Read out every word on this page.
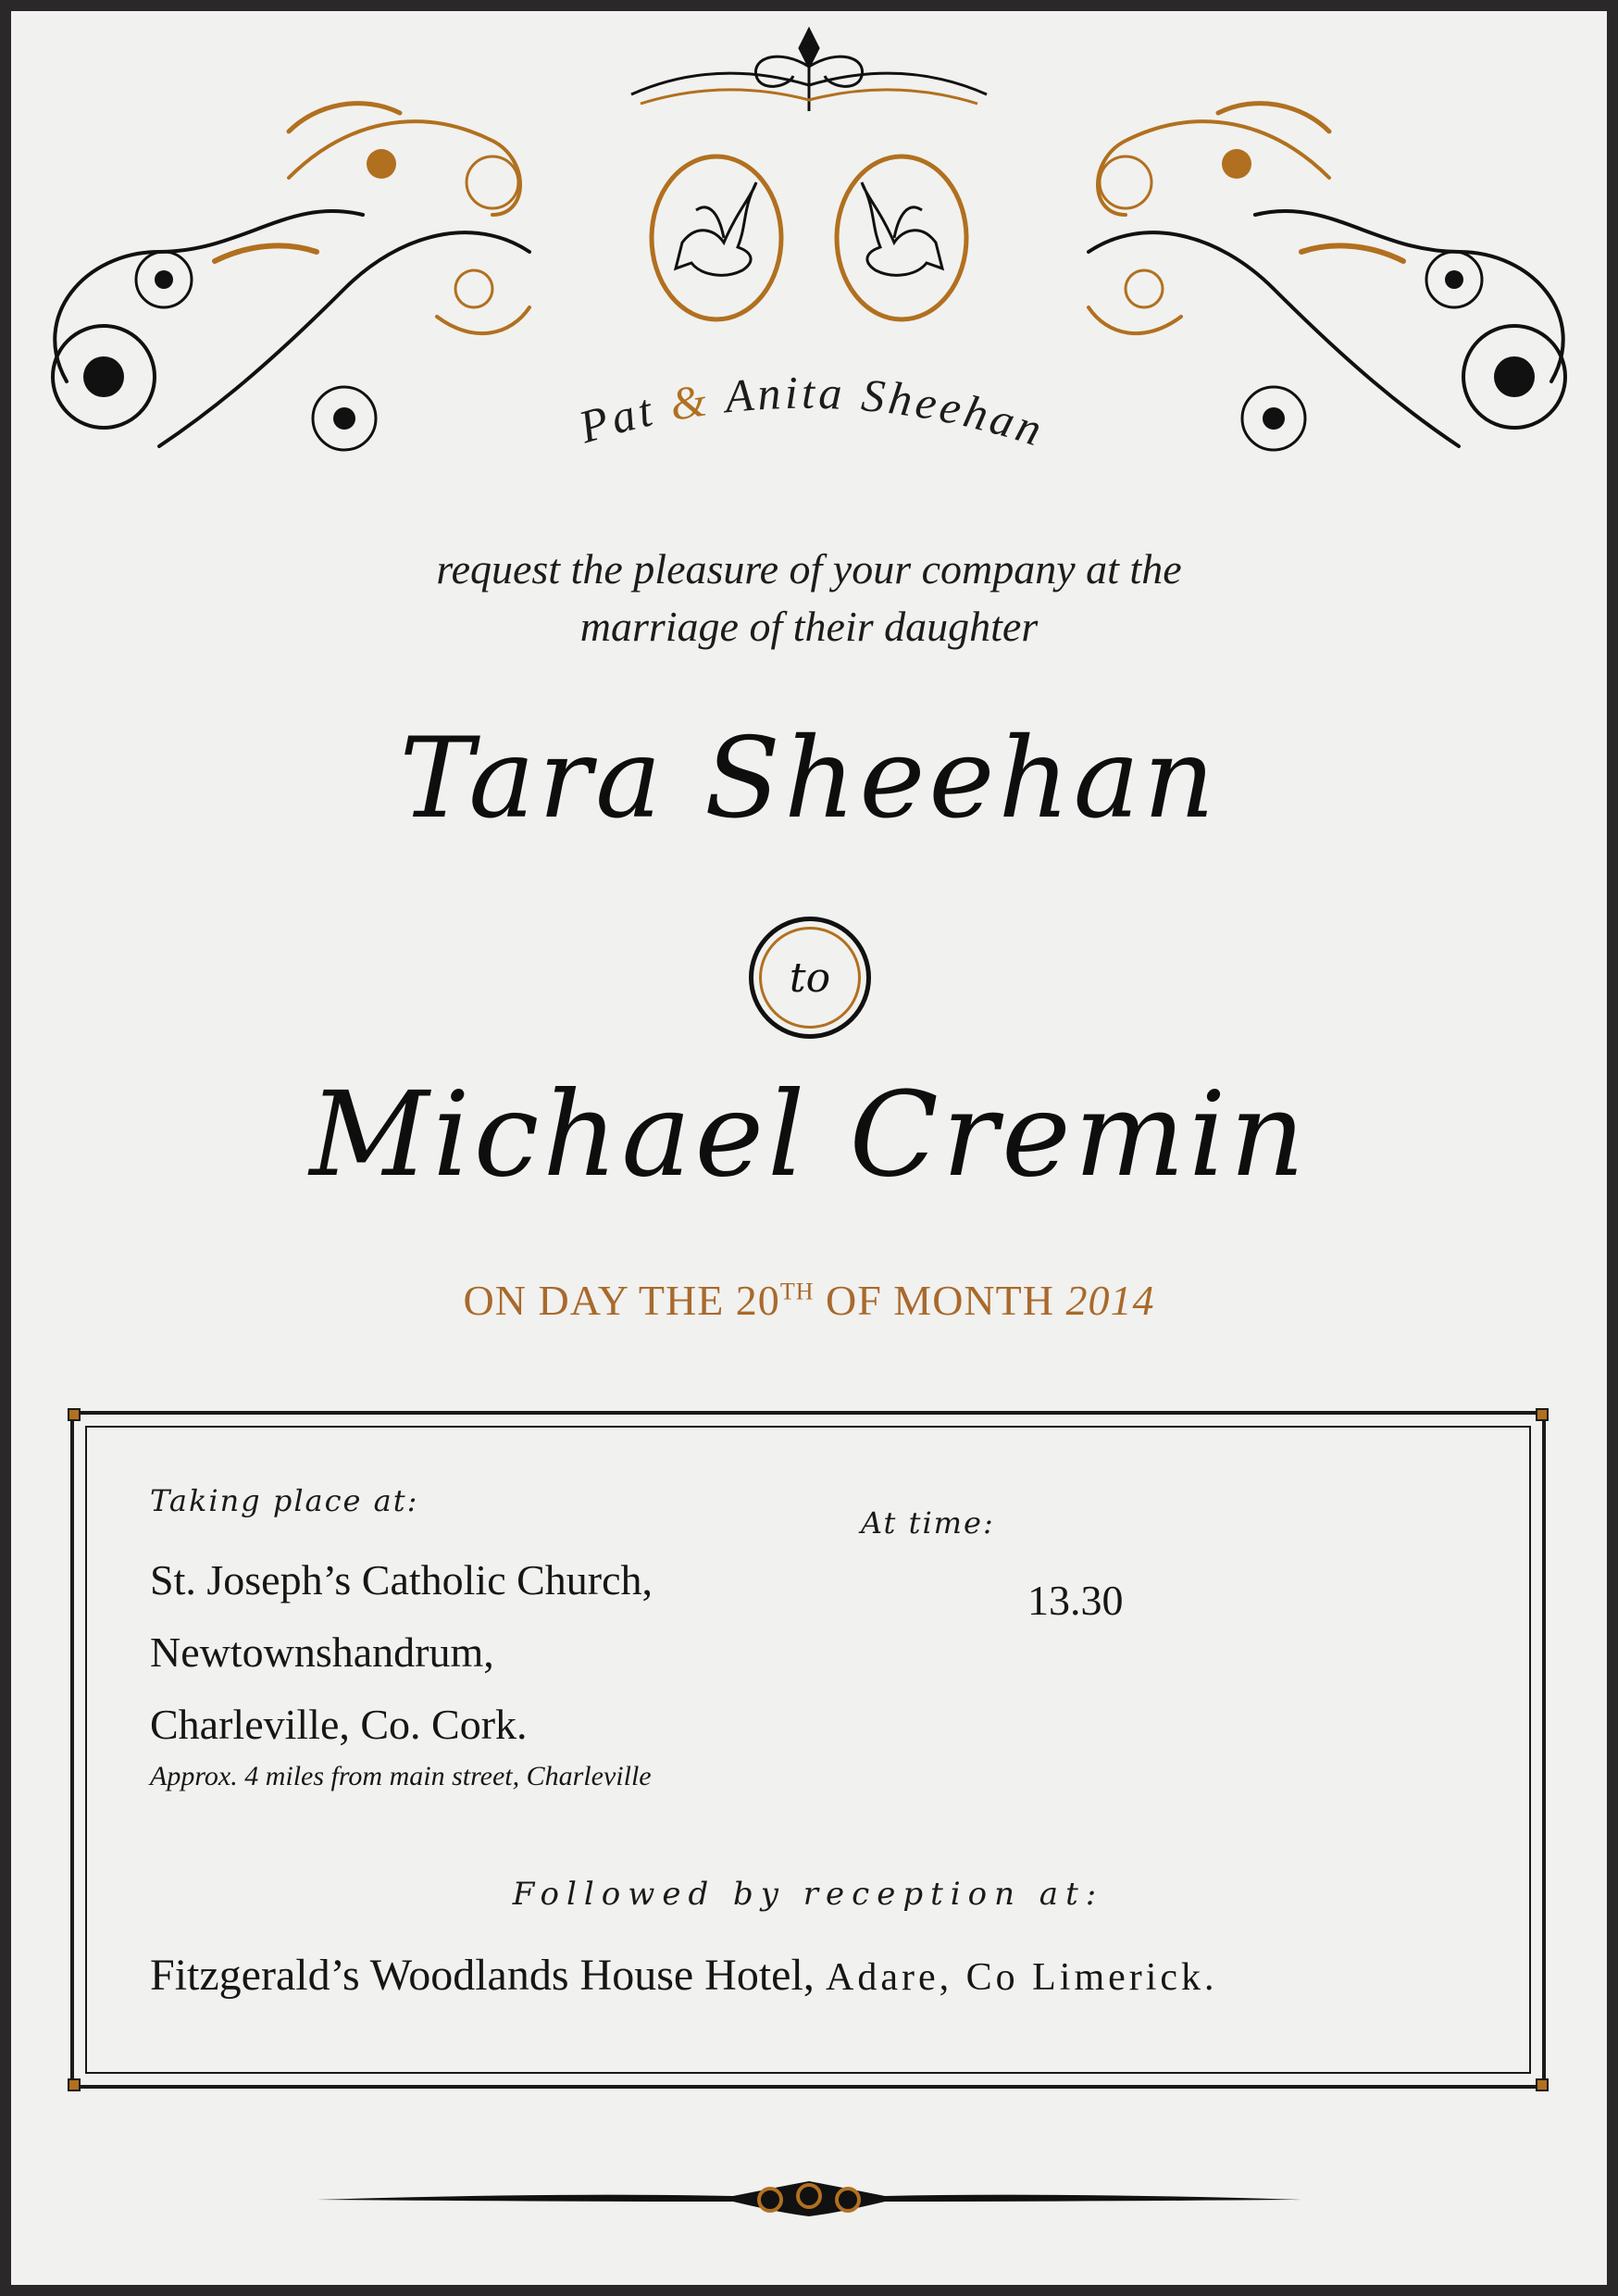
Pat & Anita Sheehan
request the pleasure of your company at the
marriage of their daughter
Tara Sheehan
to
Michael Cremin
ON DAY THE 20TH OF MONTH 2014
Taking place at:
St. Joseph’s Catholic Church,
Newtownshandrum,
Charleville, Co. Cork.
Approx. 4 miles from main street, Charleville
At time:
13.30
Followed by reception at:
Fitzgerald’s Woodlands House Hotel, Adare, Co Limerick.
